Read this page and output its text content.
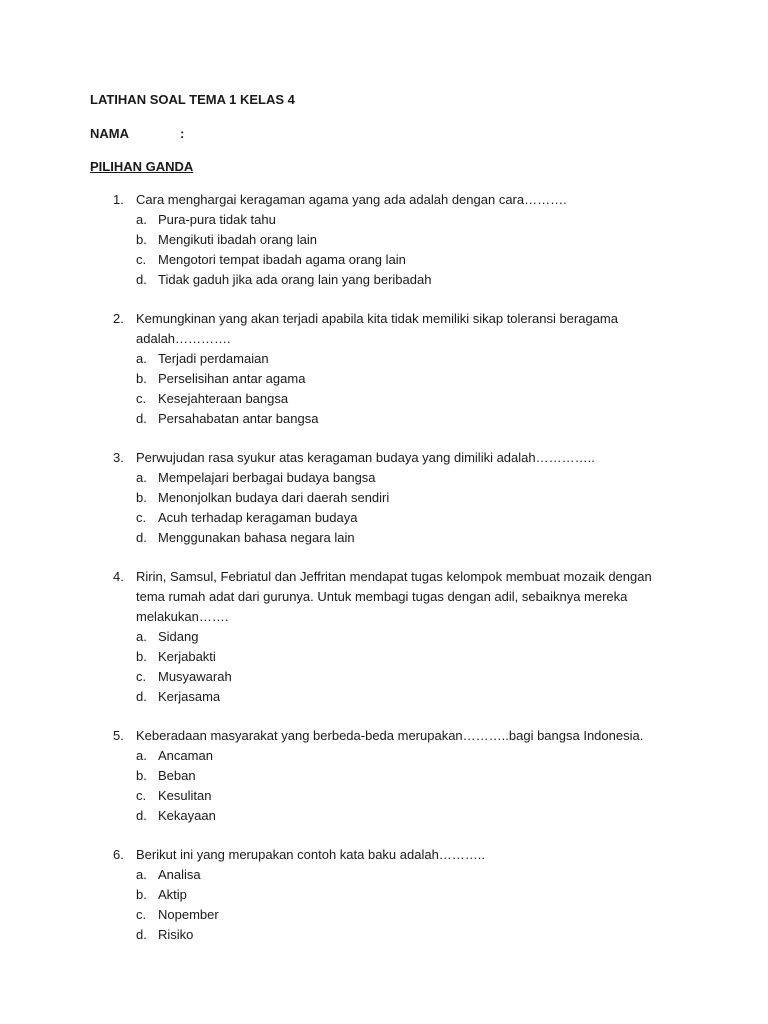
LATIHAN SOAL TEMA 1 KELAS 4
NAMA	:
PILIHAN GANDA
1. Cara menghargai keragaman agama yang ada adalah dengan cara……….
a. Pura-pura tidak tahu
b. Mengikuti ibadah orang lain
c. Mengotori tempat ibadah agama orang lain
d. Tidak gaduh jika ada orang lain yang beribadah
2. Kemungkinan yang akan terjadi apabila kita tidak memiliki sikap toleransi beragama adalah………….
a. Terjadi perdamaian
b. Perselisihan antar agama
c. Kesejahteraan bangsa
d. Persahabatan antar bangsa
3. Perwujudan rasa syukur atas keragaman budaya yang dimiliki adalah…………..
a. Mempelajari berbagai budaya bangsa
b. Menonjolkan budaya dari daerah sendiri
c. Acuh terhadap keragaman budaya
d. Menggunakan bahasa negara lain
4. Ririn, Samsul, Febriatul dan Jeffritan mendapat tugas kelompok membuat mozaik dengan tema rumah adat dari gurunya. Untuk membagi tugas dengan adil, sebaiknya mereka melakukan…….
a. Sidang
b. Kerjabakti
c. Musyawarah
d. Kerjasama
5. Keberadaan masyarakat yang berbeda-beda merupakan………..bagi bangsa Indonesia.
a. Ancaman
b. Beban
c. Kesulitan
d. Kekayaan
6. Berikut ini yang merupakan contoh kata baku adalah………..
a. Analisa
b. Aktip
c. Nopember
d. Risiko
